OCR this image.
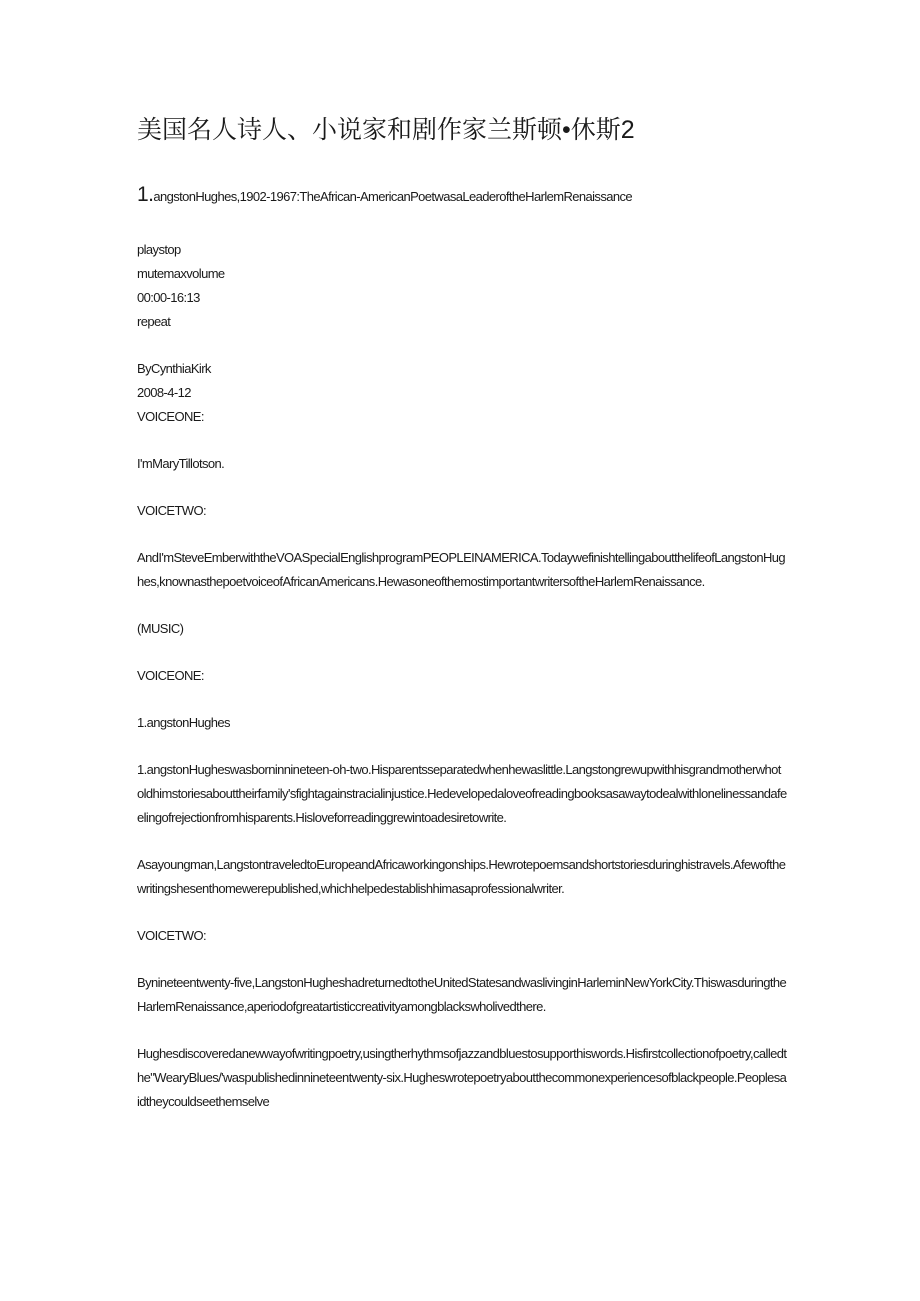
美国名人诗人、小说家和剧作家兰斯顿•休斯2

1.angstonHughes,1902-1967:TheAfrican-AmericanPoetwasaLeaderoftheHarlemRenaissance

playstop

mutemaxvolume

00:00-16:13

repeat

ByCynthiaKirk

2008-4-12

VOICEONE:

I'mMaryTillotson.

VOICETWO:

AndI'mSteveEmberwiththeVOASpecialEnglishprogramPEOPLEINAMERICA.TodaywefinishtellingaboutthelifeofLangstonHughes,knownasthepoetvoiceofAfricanAmericans.HewasoneofthemostimportantwritersoftheHarlemRenaissance.

(MUSIC)

VOICEONE:

1.angstonHughes

1.angstonHugheswasborninnineteen-oh-two.Hisparentsseparatedwhenhewaslittle.Langstongrewupwithhisgrandmotherwhotoldhimstoriesabouttheirfamily'sfightagainstracialinjustice.Hedevelopedaloveofreadingbooksasawaytodealwithlonelinessandafeelingofrejectionfromhisparents.Hisloveforreadinggrewintoadesiretowrite.

Asayoungman,LangstontraveledtoEuropeandAfricaworkingonships.Hewrotepoemsandshortstoriesduringhistravels.Afewofthewritingshesenthomewerepublished,whichhelpedestablishhimasaprofessionalwriter.

VOICETWO:

Bynineteentwenty-five,LangstonHugheshadreturnedtotheUnitedStatesandwaslivinginHarleminNewYorkCity.ThiswasduringtheHarlemRenaissance,aperiodofgreatartisticcreativityamongblackswholivedthere.

Hughesdiscoveredanewwayofwritingpoetry,usingtherhythmsofjazzandbluestosupporthiswords.Hisfirstcollectionofpoetry,calledthe"WearyBlues/'waspublishedinnineteentwenty-six.Hugheswrotepoetryaboutthecommonexperiencesofblackpeople.Peoplesaidtheycouldseethemselve
